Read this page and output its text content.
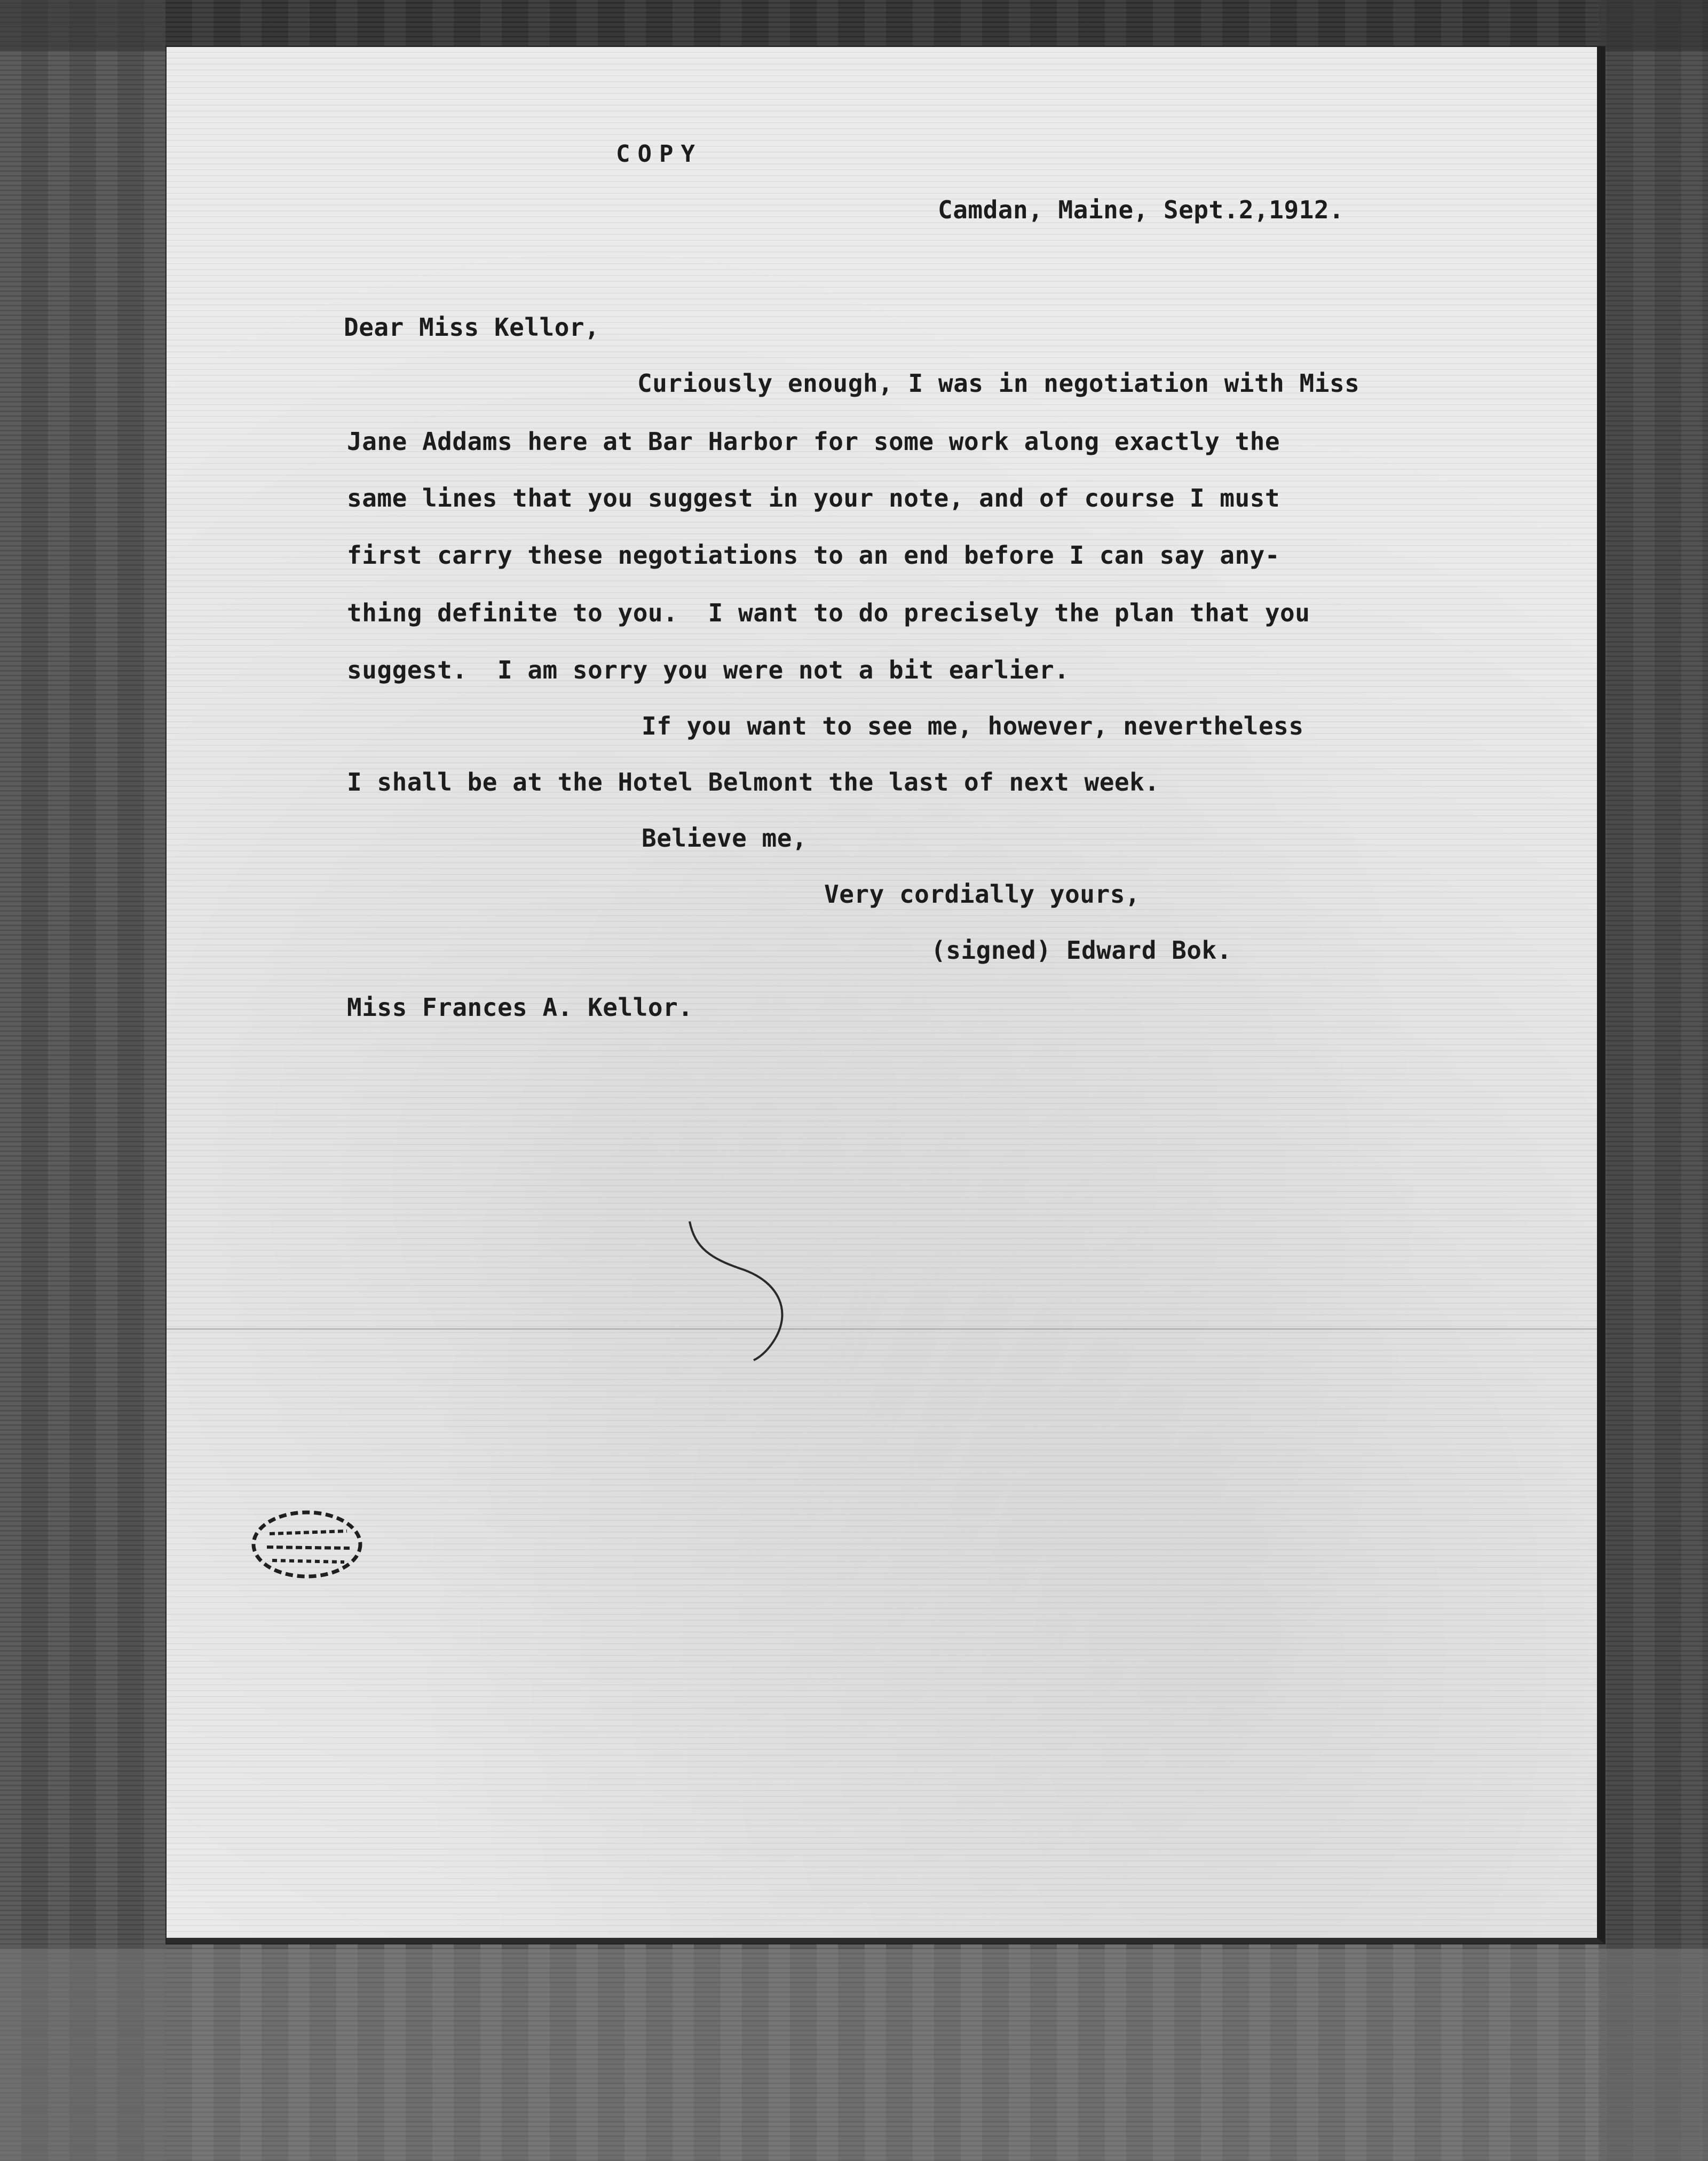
COPY
Camdan, Maine, Sept.2,1912.
Dear Miss Kellor,
Curiously enough, I was in negotiation with Miss
Jane Addams here at Bar Harbor for some work along exactly the
same lines that you suggest in your note, and of course I must
first carry these negotiations to an end before I can say any-
thing definite to you.  I want to do precisely the plan that you
suggest.  I am sorry you were not a bit earlier.
If you want to see me, however, nevertheless
I shall be at the Hotel Belmont the last of next week.
Believe me,
Very cordially yours,
(signed) Edward Bok.
Miss Frances A. Kellor.
